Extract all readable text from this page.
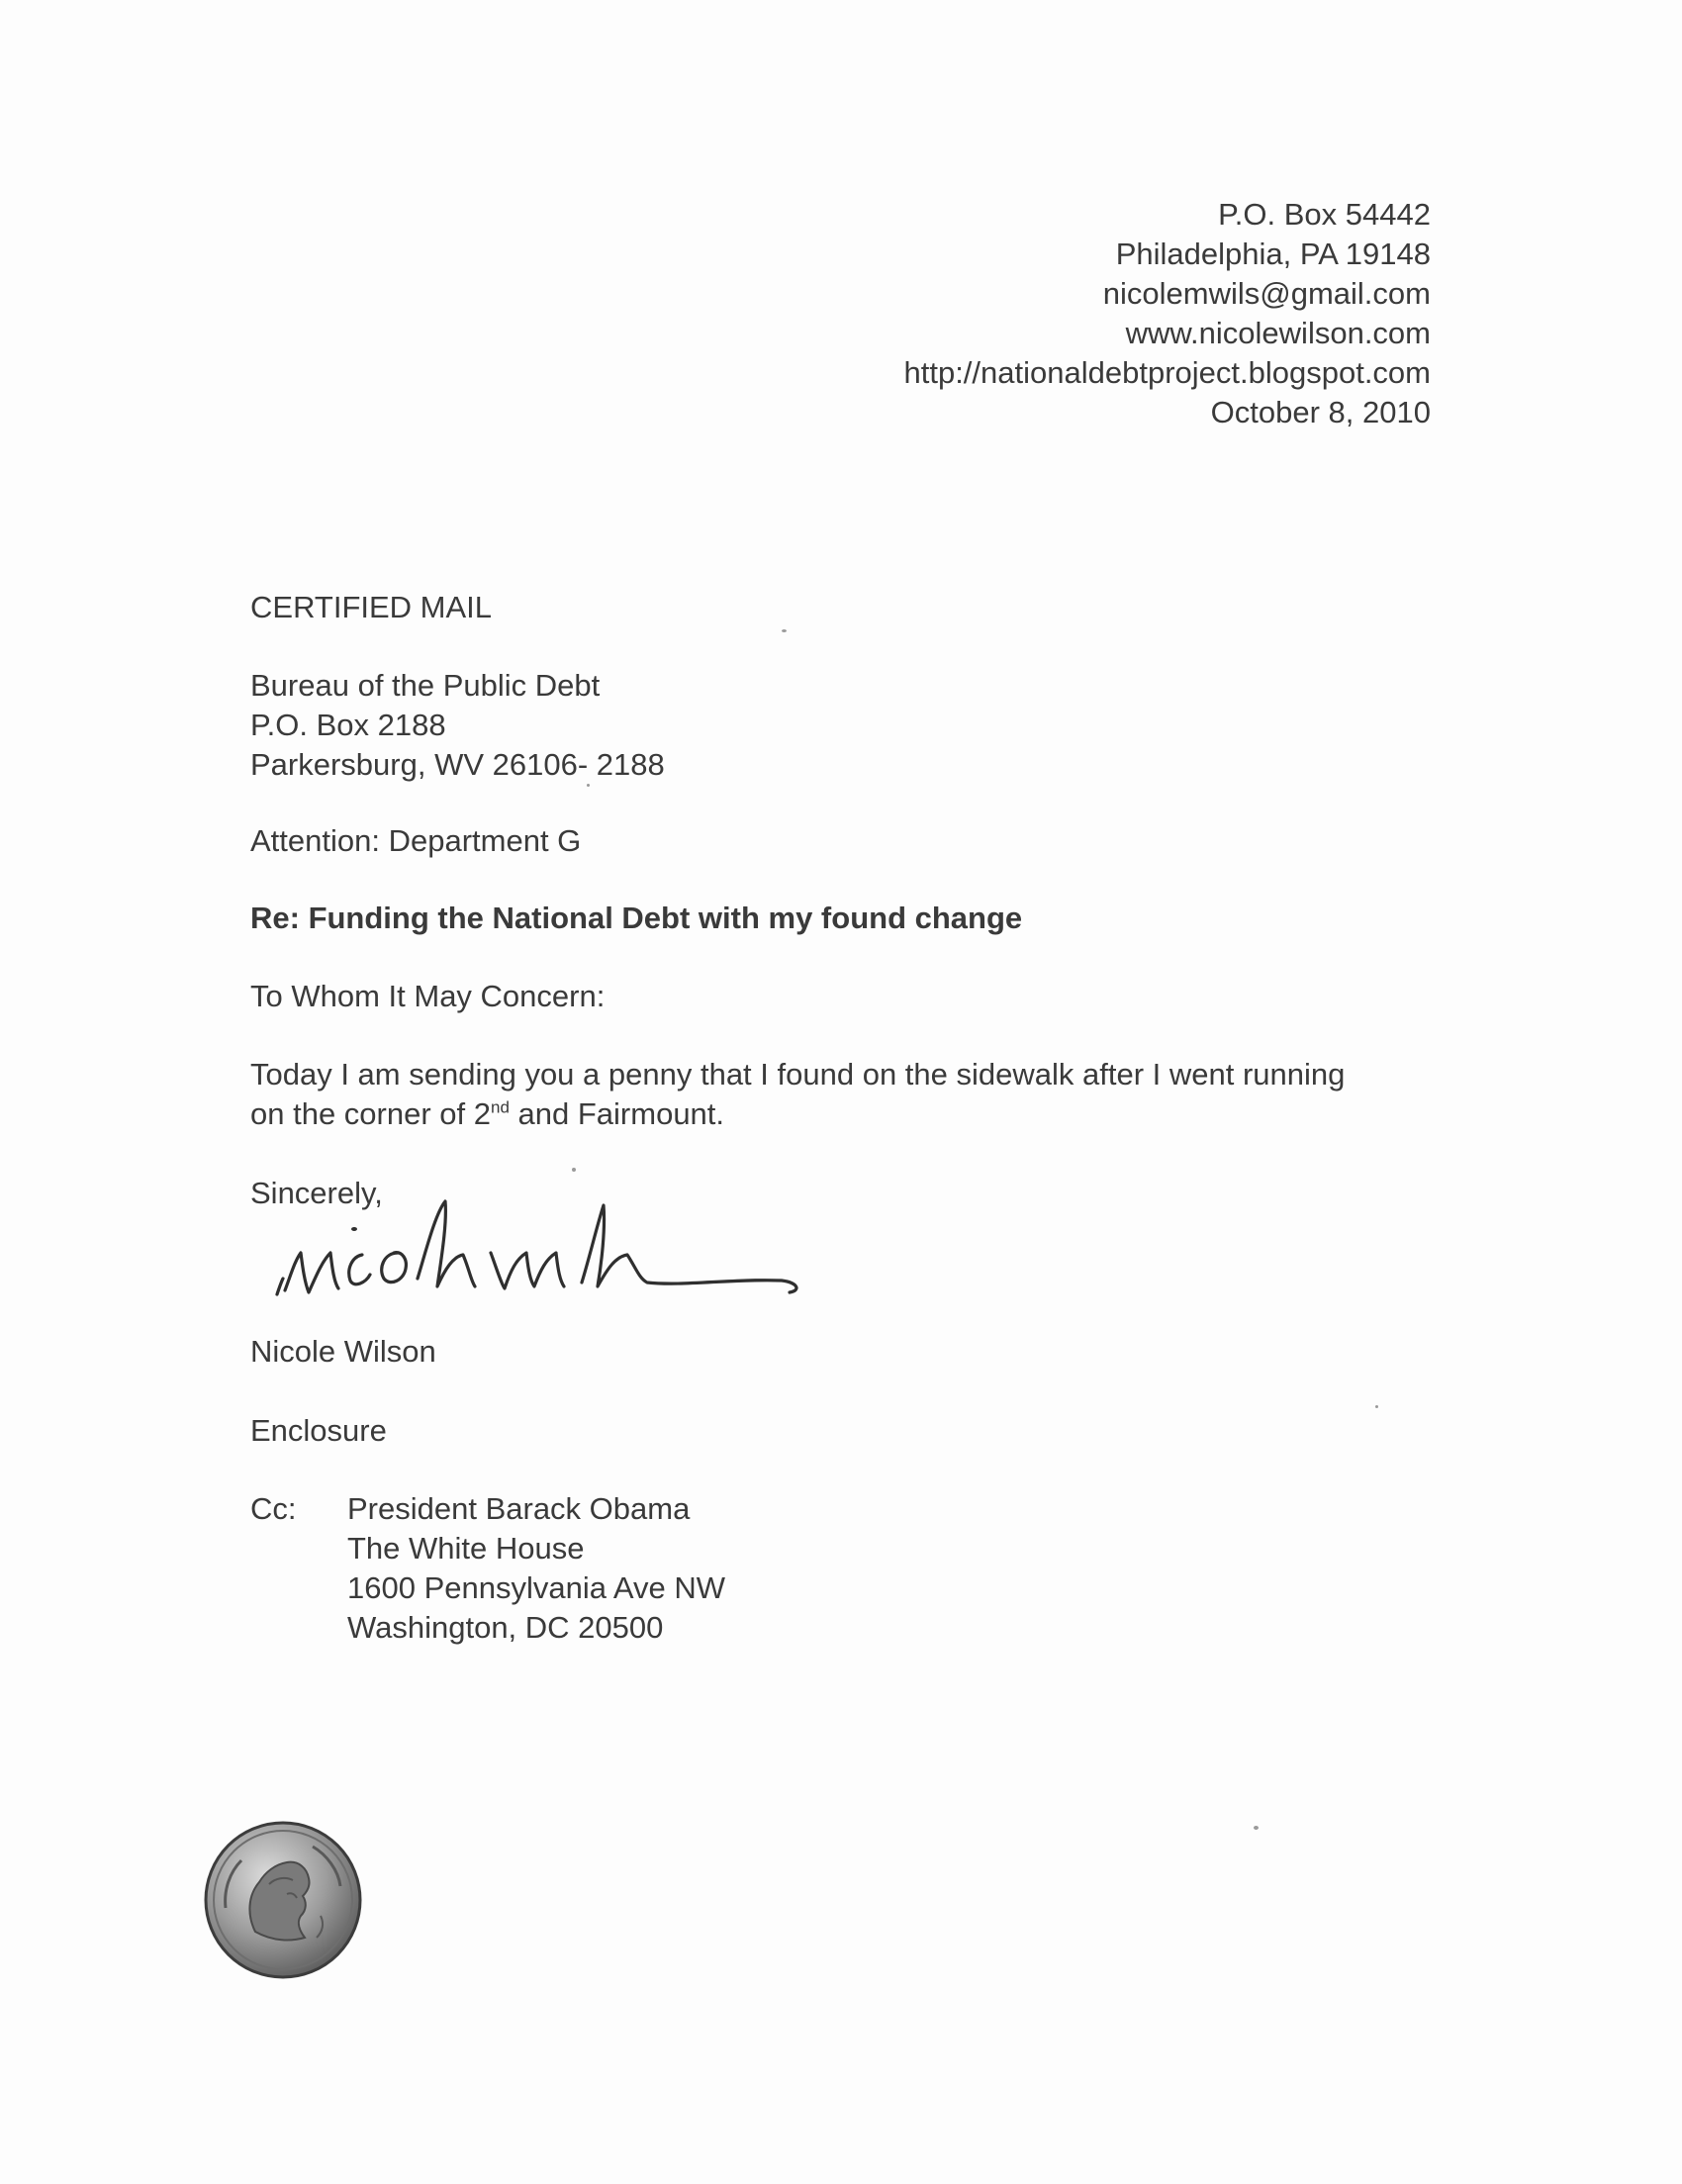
P.O. Box 54442
Philadelphia, PA 19148
nicolemwils@gmail.com
www.nicolewilson.com
http://nationaldebtproject.blogspot.com
October 8, 2010
CERTIFIED MAIL
Bureau of the Public Debt
P.O. Box 2188
Parkersburg, WV 26106- 2188
Attention: Department G
Re: Funding the National Debt with my found change
To Whom It May Concern:
Today I am sending you a penny that I found on the sidewalk after I went running
on the corner of 2nd and Fairmount.
Sincerely,
Nicole Wilson
Enclosure
Cc:	President Barack Obama
The White House
1600 Pennsylvania Ave NW
Washington, DC 20500
